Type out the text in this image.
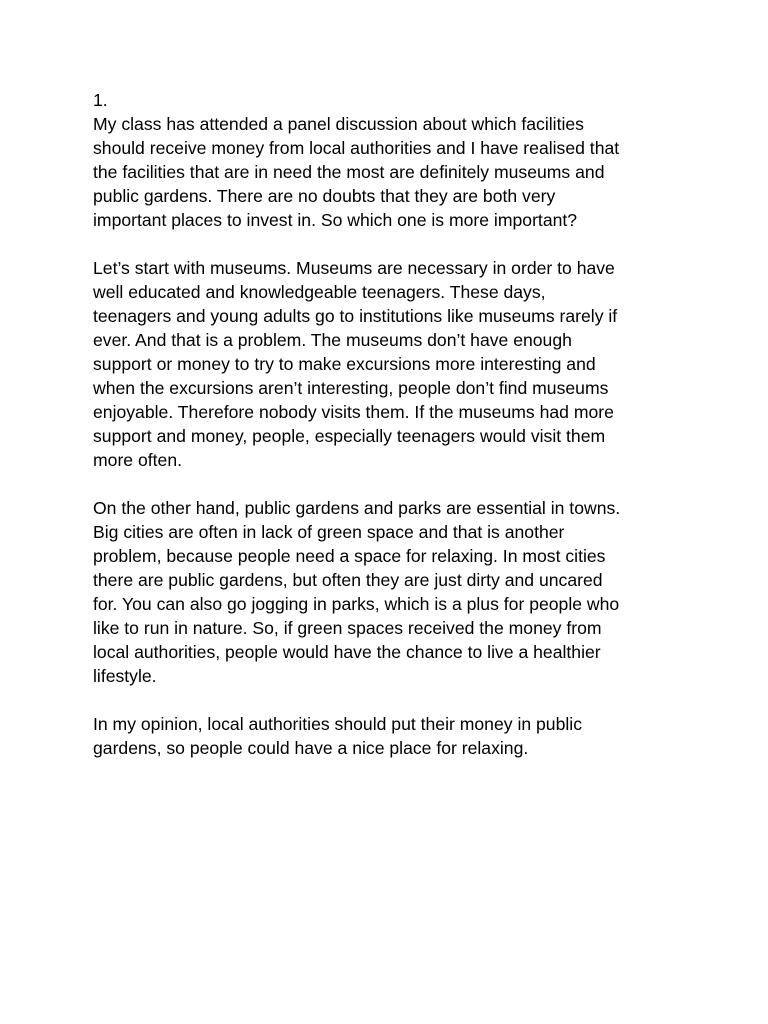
1.
My class has attended a panel discussion about which facilities
should receive money from local authorities and I have realised that
the facilities that are in need the most are definitely museums and
public gardens. There are no doubts that they are both very
important places to invest in. So which one is more important?
Let’s start with museums. Museums are necessary in order to have
well educated and knowledgeable teenagers. These days,
teenagers and young adults go to institutions like museums rarely if
ever. And that is a problem. The museums don’t have enough
support or money to try to make excursions more interesting and
when the excursions aren’t interesting, people don’t find museums
enjoyable. Therefore nobody visits them. If the museums had more
support and money, people, especially teenagers would visit them
more often.
On the other hand, public gardens and parks are essential in towns.
Big cities are often in lack of green space and that is another
problem, because people need a space for relaxing. In most cities
there are public gardens, but often they are just dirty and uncared
for. You can also go jogging in parks, which is a plus for people who
like to run in nature. So, if green spaces received the money from
local authorities, people would have the chance to live a healthier
lifestyle.
In my opinion, local authorities should put their money in public
gardens, so people could have a nice place for relaxing.
